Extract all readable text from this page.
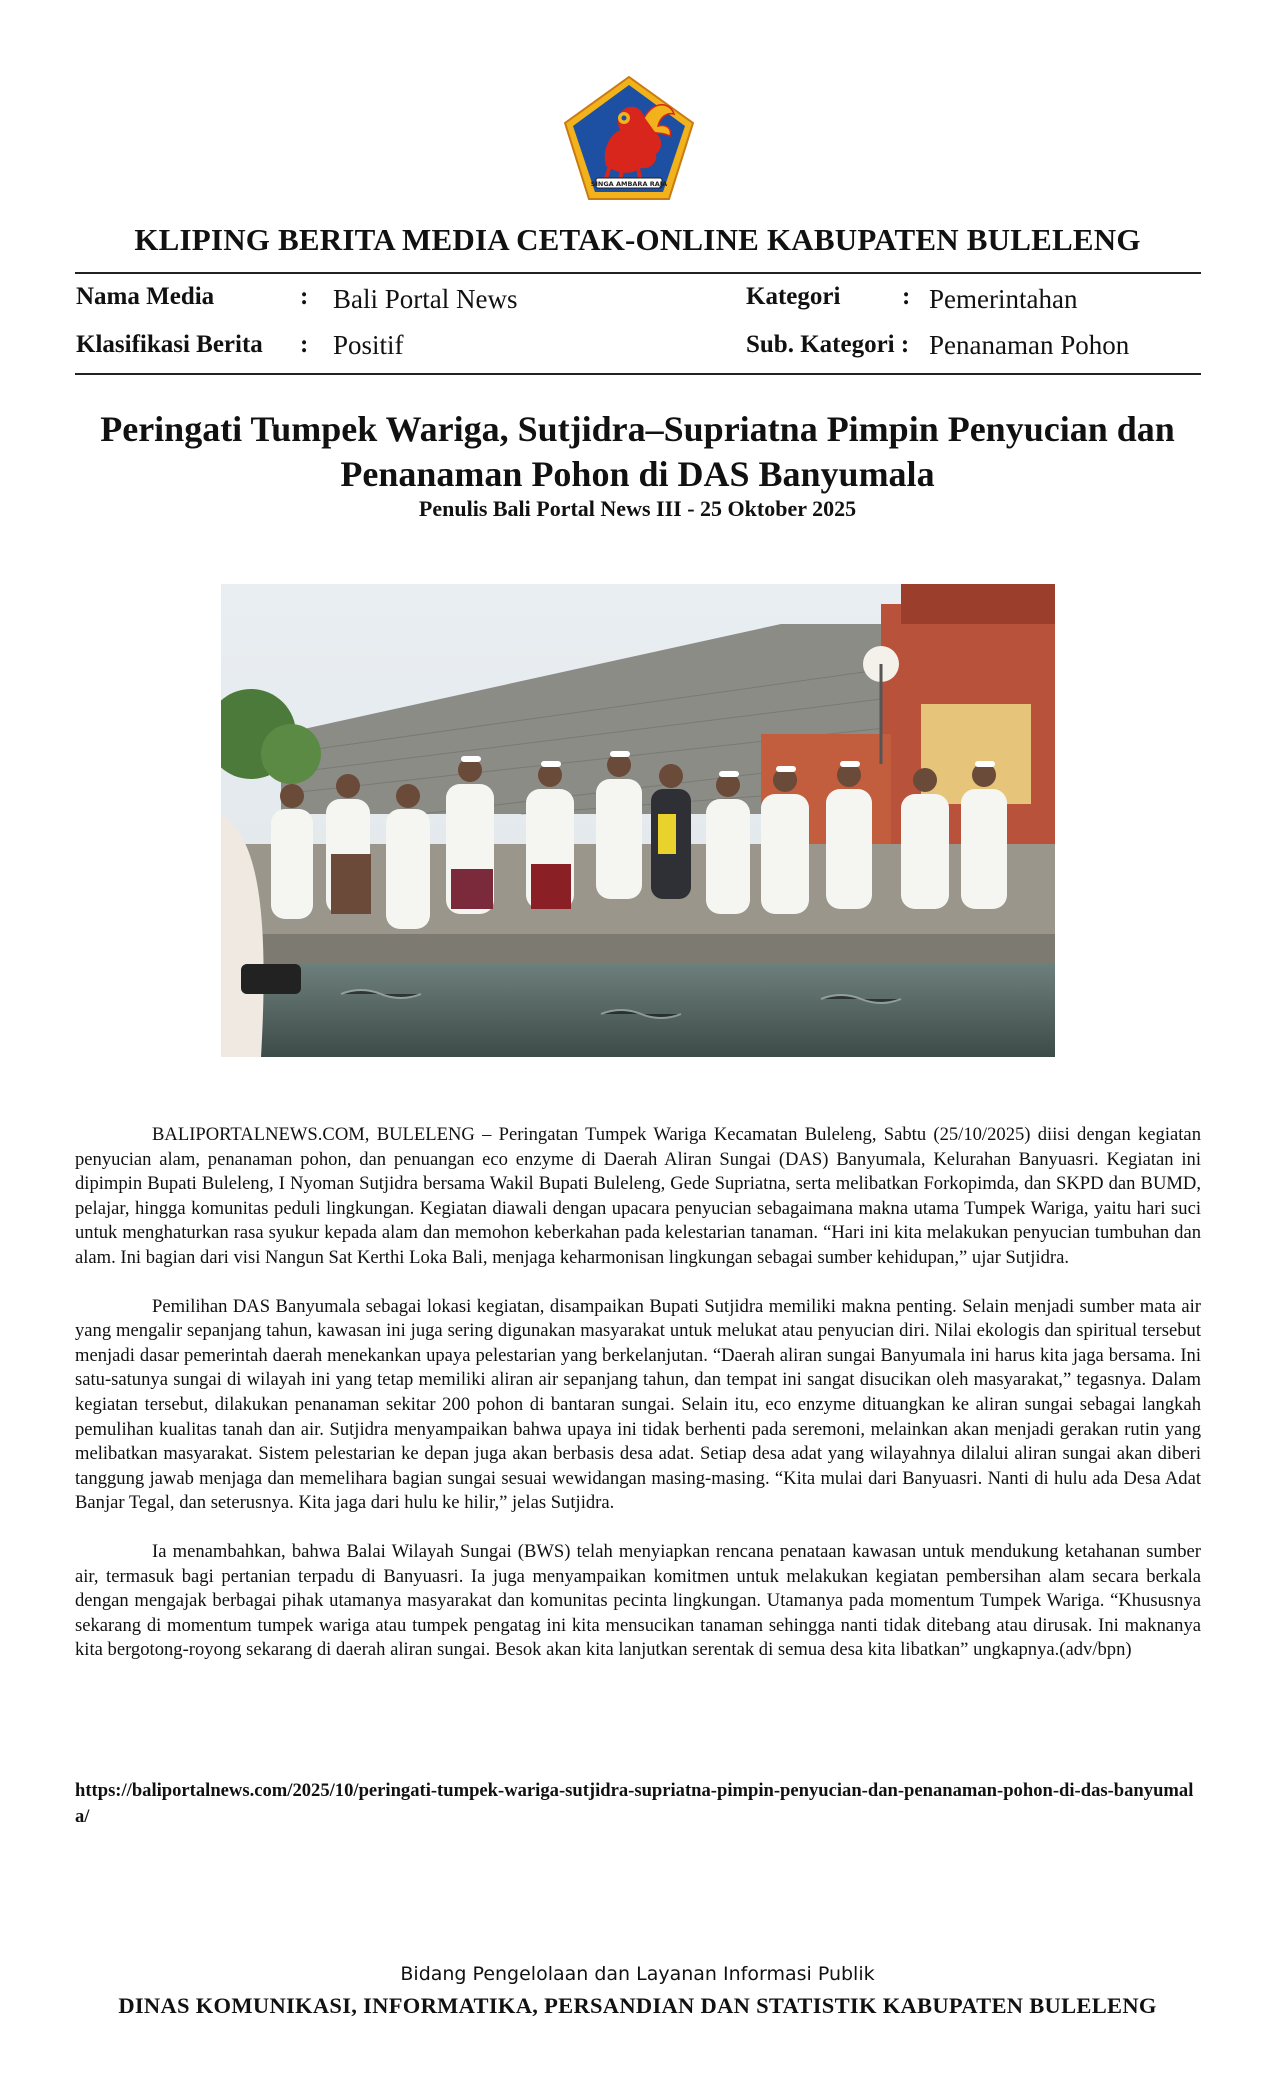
SINGA AMBARA RAJA
KLIPING BERITA MEDIA CETAK-ONLINE KABUPATEN BULELENG
Nama Media	: Bali Portal News	Kategori : Pemerintahan
Klasifikasi Berita : Positif	Sub. Kategori : Penanaman Pohon
Peringati Tumpek Wariga, Sutjidra–Supriatna Pimpin Penyucian dan
Penanaman Pohon di DAS Banyumala
Penulis Bali Portal News III - 25 Oktober 2025

BALIPORTALNEWS.COM, BULELENG – Peringatan Tumpek Wariga Kecamatan Buleleng, Sabtu (25/10/2025) diisi dengan kegiatan penyucian alam, penanaman pohon, dan penuangan eco enzyme di Daerah Aliran Sungai (DAS) Banyumala, Kelurahan Banyuasri. Kegiatan ini dipimpin Bupati Buleleng, I Nyoman Sutjidra bersama Wakil Bupati Buleleng, Gede Supriatna, serta melibatkan Forkopimda, dan SKPD dan BUMD, pelajar, hingga komunitas peduli lingkungan. Kegiatan diawali dengan upacara penyucian sebagaimana makna utama Tumpek Wariga, yaitu hari suci untuk menghaturkan rasa syukur kepada alam dan memohon keberkahan pada kelestarian tanaman. “Hari ini kita melakukan penyucian tumbuhan dan alam. Ini bagian dari visi Nangun Sat Kerthi Loka Bali, menjaga keharmonisan lingkungan sebagai sumber kehidupan,” ujar Sutjidra.

Pemilihan DAS Banyumala sebagai lokasi kegiatan, disampaikan Bupati Sutjidra memiliki makna penting. Selain menjadi sumber mata air yang mengalir sepanjang tahun, kawasan ini juga sering digunakan masyarakat untuk melukat atau penyucian diri. Nilai ekologis dan spiritual tersebut menjadi dasar pemerintah daerah menekankan upaya pelestarian yang berkelanjutan. “Daerah aliran sungai Banyumala ini harus kita jaga bersama. Ini satu-satunya sungai di wilayah ini yang tetap memiliki aliran air sepanjang tahun, dan tempat ini sangat disucikan oleh masyarakat,” tegasnya. Dalam kegiatan tersebut, dilakukan penanaman sekitar 200 pohon di bantaran sungai. Selain itu, eco enzyme dituangkan ke aliran sungai sebagai langkah pemulihan kualitas tanah dan air. Sutjidra menyampaikan bahwa upaya ini tidak berhenti pada seremoni, melainkan akan menjadi gerakan rutin yang melibatkan masyarakat. Sistem pelestarian ke depan juga akan berbasis desa adat. Setiap desa adat yang wilayahnya dilalui aliran sungai akan diberi tanggung jawab menjaga dan memelihara bagian sungai sesuai wewidangan masing-masing. “Kita mulai dari Banyuasri. Nanti di hulu ada Desa Adat Banjar Tegal, dan seterusnya. Kita jaga dari hulu ke hilir,” jelas Sutjidra.

Ia menambahkan, bahwa Balai Wilayah Sungai (BWS) telah menyiapkan rencana penataan kawasan untuk mendukung ketahanan sumber air, termasuk bagi pertanian terpadu di Banyuasri. Ia juga menyampaikan komitmen untuk melakukan kegiatan pembersihan alam secara berkala dengan mengajak berbagai pihak utamanya masyarakat dan komunitas pecinta lingkungan. Utamanya pada momentum Tumpek Wariga. “Khususnya sekarang di momentum tumpek wariga atau tumpek pengatag ini kita mensucikan tanaman sehingga nanti tidak ditebang atau dirusak. Ini maknanya kita bergotong-royong sekarang di daerah aliran sungai. Besok akan kita lanjutkan serentak di semua desa kita libatkan” ungkapnya.(adv/bpn)

https://baliportalnews.com/2025/10/peringati-tumpek-wariga-sutjidra-supriatna-pimpin-penyucian-dan-penanaman-pohon-di-das-banyumala/
Bidang Pengelolaan dan Layanan Informasi Publik
DINAS KOMUNIKASI, INFORMATIKA, PERSANDIAN DAN STATISTIK KABUPATEN BULELENG
